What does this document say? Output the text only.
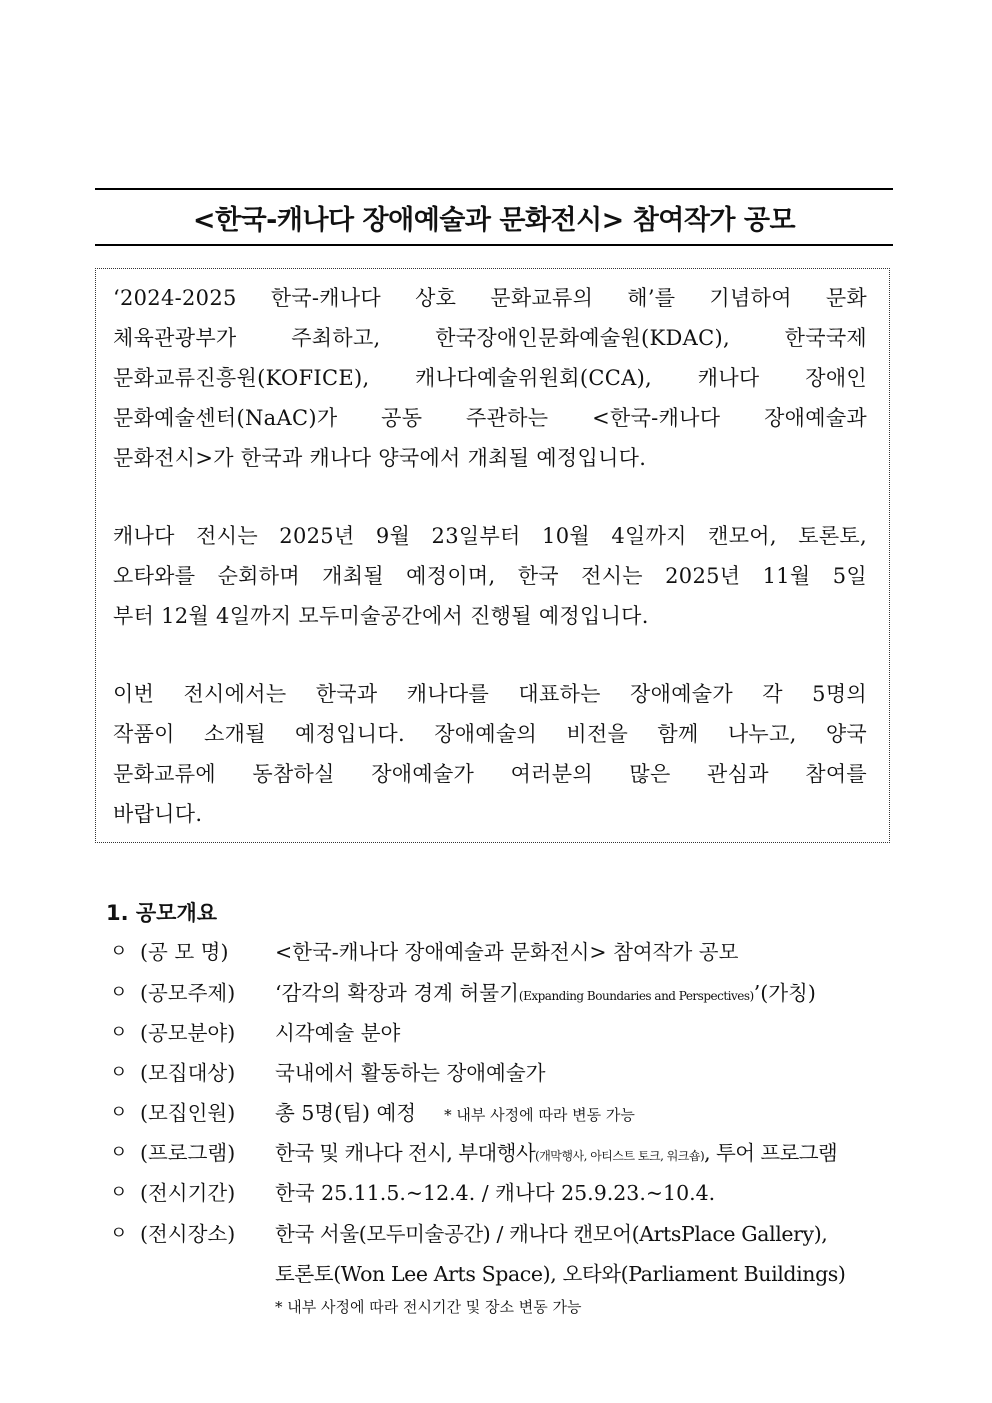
<한국-캐나다 장애예술과 문화전시> 참여작가 공모
‘2024-2025 한국-캐나다 상호 문화교류의 해’를 기념하여 문화
체육관광부가 주최하고, 한국장애인문화예술원(KDAC), 한국국제
문화교류진흥원(KOFICE), 캐나다예술위원회(CCA), 캐나다 장애인
문화예술센터(NaAC)가 공동 주관하는 <한국-캐나다 장애예술과
문화전시>가 한국과 캐나다 양국에서 개최될 예정입니다.
캐나다 전시는 2025년 9월 23일부터 10월 4일까지 캔모어, 토론토,
오타와를 순회하며 개최될 예정이며, 한국 전시는 2025년 11월 5일
부터 12월 4일까지 모두미술공간에서 진행될 예정입니다.
이번 전시에서는 한국과 캐나다를 대표하는 장애예술가 각 5명의
작품이 소개될 예정입니다. 장애예술의 비전을 함께 나누고, 양국
문화교류에 동참하실 장애예술가 여러분의 많은 관심과 참여를
바랍니다.
1. 공모개요
ㅇ (공 모 명) <한국-캐나다 장애예술과 문화전시> 참여작가 공모
ㅇ (공모주제) ‘감각의 확장과 경계 허물기(Expanding Boundaries and Perspectives)’(가칭)
ㅇ (공모분야) 시각예술 분야
ㅇ (모집대상) 국내에서 활동하는 장애예술가
ㅇ (모집인원) 총 5명(팀) 예정 * 내부 사정에 따라 변동 가능
ㅇ (프로그램) 한국 및 캐나다 전시, 부대행사(개막행사, 아티스트 토크, 워크숍), 투어 프로그램
ㅇ (전시기간) 한국 25.11.5.~12.4. / 캐나다 25.9.23.~10.4.
ㅇ (전시장소) 한국 서울(모두미술공간) / 캐나다 캔모어(ArtsPlace Gallery),
토론토(Won Lee Arts Space), 오타와(Parliament Buildings)
* 내부 사정에 따라 전시기간 및 장소 변동 가능
